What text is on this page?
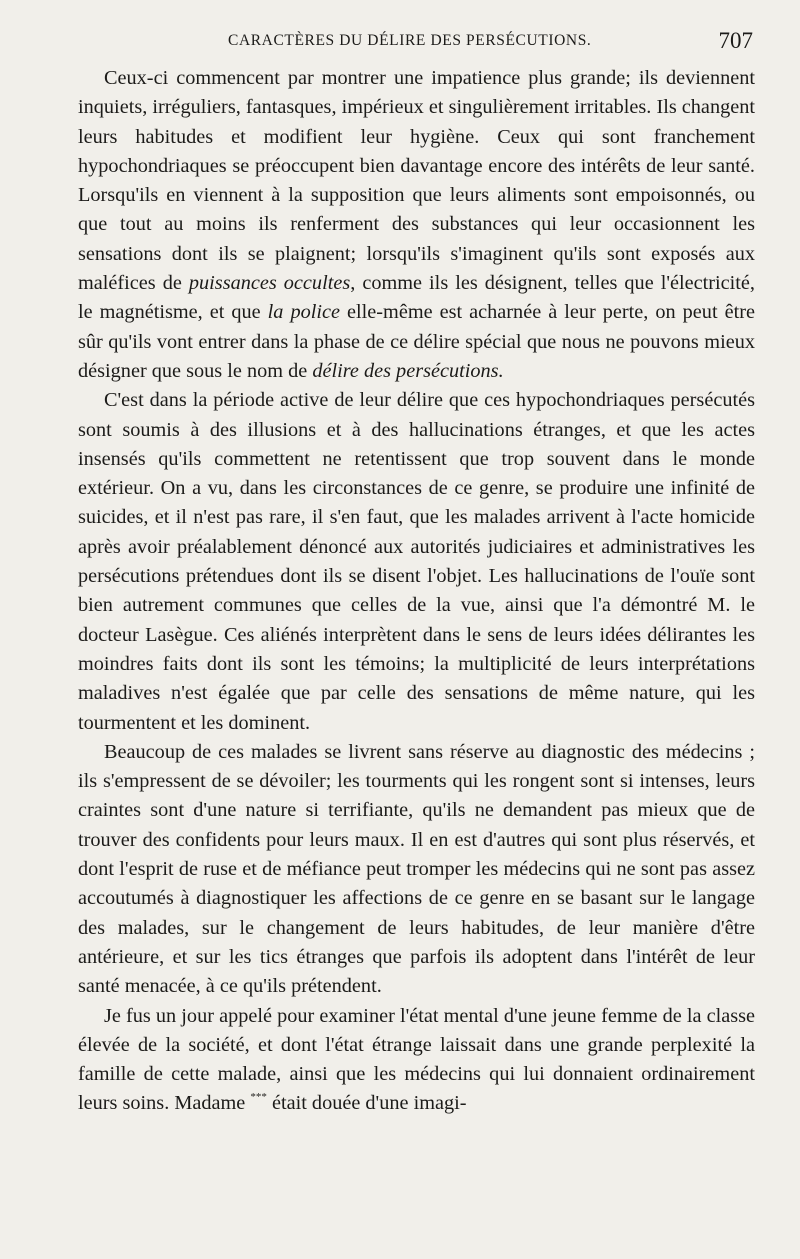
CARACTÈRES DU DÉLIRE DES PERSÉCUTIONS.	707

Ceux-ci commencent par montrer une impatience plus grande; ils deviennent inquiets, irréguliers, fantasques, impérieux et singulièrement irritables. Ils changent leurs habitudes et modifient leur hygiène. Ceux qui sont franchement hypochondriaques se préoccupent bien davantage encore des intérêts de leur santé. Lorsqu'ils en viennent à la supposition que leurs aliments sont empoisonnés, ou que tout au moins ils renferment des substances qui leur occasionnent les sensations dont ils se plaignent; lorsqu'ils s'imaginent qu'ils sont exposés aux maléfices de puissances occultes, comme ils les désignent, telles que l'électricité, le magnétisme, et que la police elle-même est acharnée à leur perte, on peut être sûr qu'ils vont entrer dans la phase de ce délire spécial que nous ne pouvons mieux désigner que sous le nom de délire des persécutions.

C'est dans la période active de leur délire que ces hypochondriaques persécutés sont soumis à des illusions et à des hallucinations étranges, et que les actes insensés qu'ils commettent ne retentissent que trop souvent dans le monde extérieur. On a vu, dans les circonstances de ce genre, se produire une infinité de suicides, et il n'est pas rare, il s'en faut, que les malades arrivent à l'acte homicide après avoir préalablement dénoncé aux autorités judiciaires et administratives les persécutions prétendues dont ils se disent l'objet. Les hallucinations de l'ouïe sont bien autrement communes que celles de la vue, ainsi que l'a démontré M. le docteur Lasègue. Ces aliénés interprètent dans le sens de leurs idées délirantes les moindres faits dont ils sont les témoins; la multiplicité de leurs interprétations maladives n'est égalée que par celle des sensations de même nature, qui les tourmentent et les dominent.

Beaucoup de ces malades se livrent sans réserve au diagnostic des médecins ; ils s'empressent de se dévoiler; les tourments qui les rongent sont si intenses, leurs craintes sont d'une nature si terrifiante, qu'ils ne demandent pas mieux que de trouver des confidents pour leurs maux. Il en est d'autres qui sont plus réservés, et dont l'esprit de ruse et de méfiance peut tromper les médecins qui ne sont pas assez accoutumés à diagnostiquer les affections de ce genre en se basant sur le langage des malades, sur le changement de leurs habitudes, de leur manière d'être antérieure, et sur les tics étranges que parfois ils adoptent dans l'intérêt de leur santé menacée, à ce qu'ils prétendent.

Je fus un jour appelé pour examiner l'état mental d'une jeune femme de la classe élevée de la société, et dont l'état étrange laissait dans une grande perplexité la famille de cette malade, ainsi que les médecins qui lui donnaient ordinairement leurs soins. Madame *** était douée d'une imagi-
